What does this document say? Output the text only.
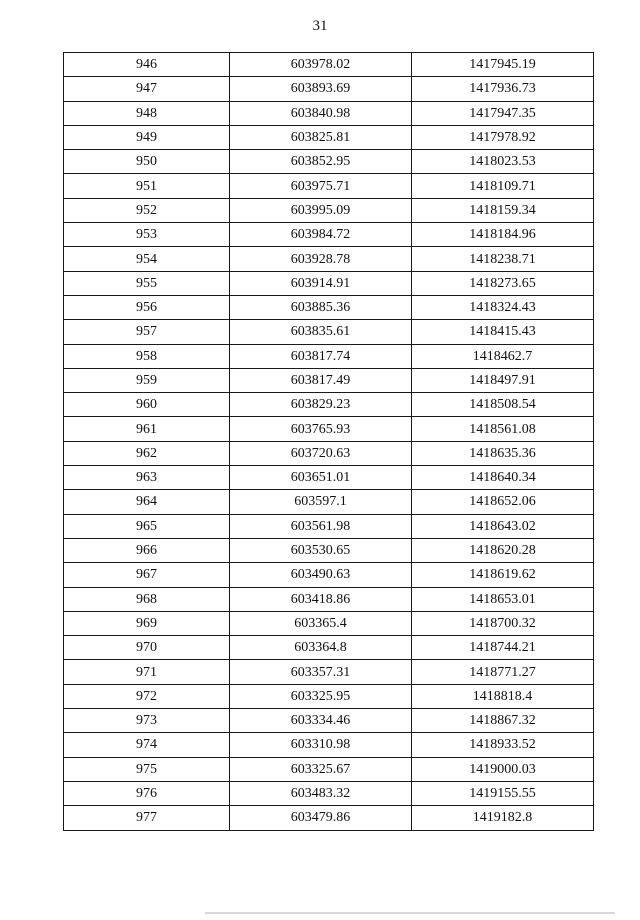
31
946	603978.02	1417945.19
947	603893.69	1417936.73
948	603840.98	1417947.35
949	603825.81	1417978.92
950	603852.95	1418023.53
951	603975.71	1418109.71
952	603995.09	1418159.34
953	603984.72	1418184.96
954	603928.78	1418238.71
955	603914.91	1418273.65
956	603885.36	1418324.43
957	603835.61	1418415.43
958	603817.74	1418462.7
959	603817.49	1418497.91
960	603829.23	1418508.54
961	603765.93	1418561.08
962	603720.63	1418635.36
963	603651.01	1418640.34
964	603597.1	1418652.06
965	603561.98	1418643.02
966	603530.65	1418620.28
967	603490.63	1418619.62
968	603418.86	1418653.01
969	603365.4	1418700.32
970	603364.8	1418744.21
971	603357.31	1418771.27
972	603325.95	1418818.4
973	603334.46	1418867.32
974	603310.98	1418933.52
975	603325.67	1419000.03
976	603483.32	1419155.55
977	603479.86	1419182.8
